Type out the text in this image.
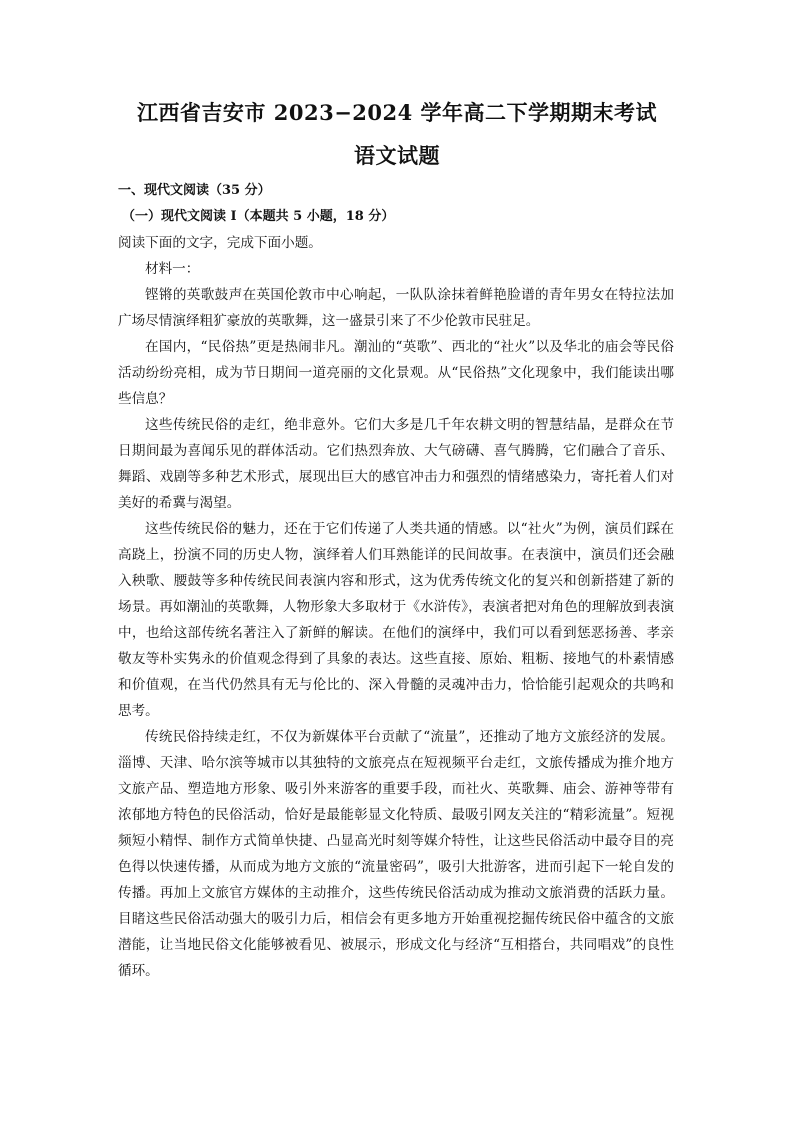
江西省吉安市 2023−2024 学年高二下学期期末考试
语文试题

一、现代文阅读（35 分）

（一）现代文阅读 I（本题共 5 小题，18 分）

阅读下面的文字，完成下面小题。

材料一：

铿锵的英歌鼓声在英国伦敦市中心响起，一队队涂抹着鲜艳脸谱的青年男女在特拉法加广场尽情演绎粗犷豪放的英歌舞，这一盛景引来了不少伦敦市民驻足。

在国内，“民俗热”更是热闹非凡。潮汕的“英歌”、西北的“社火”以及华北的庙会等民俗活动纷纷亮相，成为节日期间一道亮丽的文化景观。从“民俗热”文化现象中，我们能读出哪些信息？

这些传统民俗的走红，绝非意外。它们大多是几千年农耕文明的智慧结晶，是群众在节日期间最为喜闻乐见的群体活动。它们热烈奔放、大气磅礴、喜气腾腾，它们融合了音乐、舞蹈、戏剧等多种艺术形式，展现出巨大的感官冲击力和强烈的情绪感染力，寄托着人们对美好的希冀与渴望。

这些传统民俗的魅力，还在于它们传递了人类共通的情感。以“社火”为例，演员们踩在高跷上，扮演不同的历史人物，演绎着人们耳熟能详的民间故事。在表演中，演员们还会融入秧歌、腰鼓等多种传统民间表演内容和形式，这为优秀传统文化的复兴和创新搭建了新的场景。再如潮汕的英歌舞，人物形象大多取材于《水浒传》，表演者把对角色的理解放到表演中，也给这部传统名著注入了新鲜的解读。在他们的演绎中，我们可以看到惩恶扬善、孝亲敬友等朴实隽永的价值观念得到了具象的表达。这些直接、原始、粗粝、接地气的朴素情感和价值观，在当代仍然具有无与伦比的、深入骨髓的灵魂冲击力，恰恰能引起观众的共鸣和思考。

传统民俗持续走红，不仅为新媒体平台贡献了“流量”，还推动了地方文旅经济的发展。淄博、天津、哈尔滨等城市以其独特的文旅亮点在短视频平台走红，文旅传播成为推介地方文旅产品、塑造地方形象、吸引外来游客的重要手段，而社火、英歌舞、庙会、游神等带有浓郁地方特色的民俗活动，恰好是最能彰显文化特质、最吸引网友关注的“精彩流量”。短视频短小精悍、制作方式简单快捷、凸显高光时刻等媒介特性，让这些民俗活动中最夺目的亮色得以快速传播，从而成为地方文旅的“流量密码”，吸引大批游客，进而引起下一轮自发的传播。再加上文旅官方媒体的主动推介，这些传统民俗活动成为推动文旅消费的活跃力量。目睹这些民俗活动强大的吸引力后，相信会有更多地方开始重视挖掘传统民俗中蕴含的文旅潜能，让当地民俗文化能够被看见、被展示，形成文化与经济“互相搭台，共同唱戏”的良性循环。
